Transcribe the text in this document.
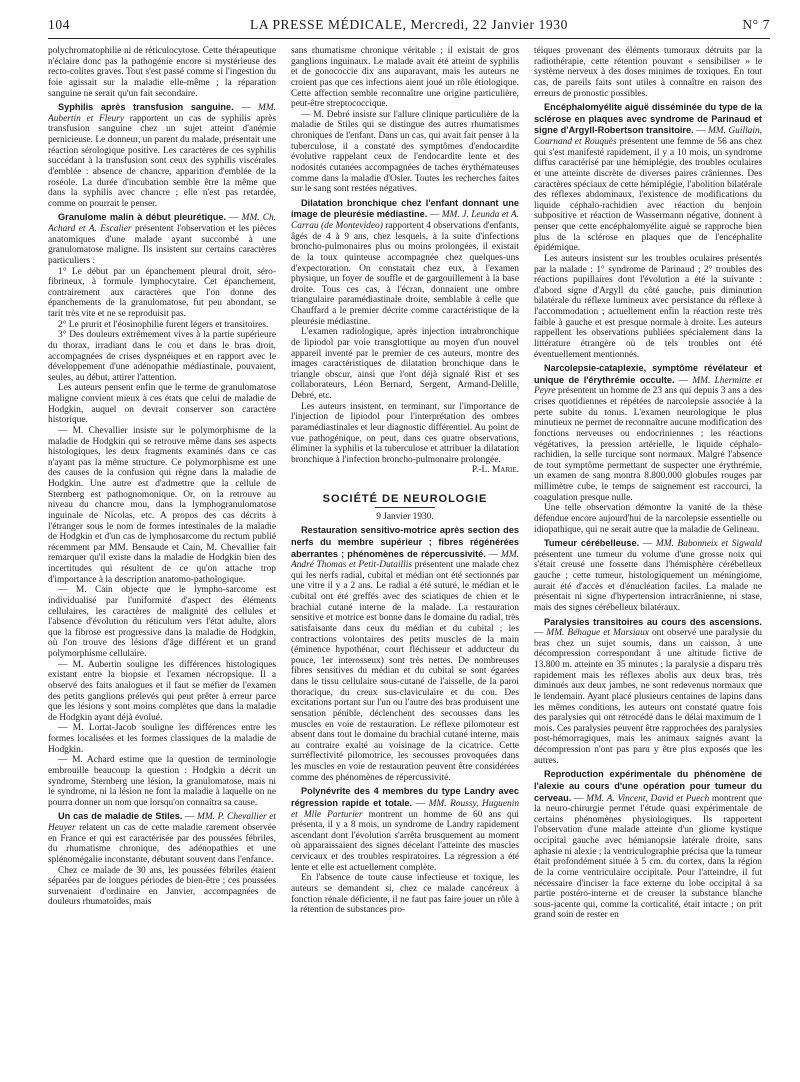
104	LA PRESSE MÉDICALE, Mercredi, 22 Janvier 1930	N° 7

polychromatophilie ni de réticulocytose. Cette thérapeutique n'éclaire donc pas la pathogénie encore si mystérieuse des recto-colites graves. Tout s'est passé comme si l'ingestion du foie agissait sur la maladie elle-même ; la réparation sanguine ne serait qu'un fait secondaire.

Syphilis après transfusion sanguine. — MM. Aubertin et Fleury rapportent un cas de syphilis après transfusion sanguine chez un sujet atteint d'anémie pernicieuse. Le donneur, un parent du malade, présentait une réaction sérologique positive. Les caractères de ces syphilis succédant à la transfusion sont ceux des syphilis viscérales d'emblée : absence de chancre, apparition d'emblée de la roséole. La durée d'incubation semble être la même que dans la syphilis avec chancre ; elle n'est pas retardée, comme on pourrait le penser.

Granulome malin à début pleurétique. — MM. Ch. Achard et A. Escalier présentent l'observation et les pièces anatomiques d'une malade ayant succombé à une granulomatose maligne. Ils insistent sur certains caractères particuliers :

1° Le début par un épanchement pleural droit, séro-fibrineux, à formule lymphocytaire. Cet épanchement, contrairement aux caractères que l'on donne des épanchements de la granulomatose, fut peu abondant, se tarit très vite et ne se reproduisit pas.

2° Le prurit et l'éosinophilie furent légers et transitoires.

3° Des douleurs extrêmement vives à la partie supérieure du thorax, irradiant dans le cou et dans le bras droit, accompagnées de crises dyspnéiques et en rapport avec le développement d'une adénopathie médiastinale, pouvaient, seules, au début, attirer l'attention.

Les auteurs pensent enfin que le terme de granulomatose maligne convient mieux à ces états que celui de maladie de Hodgkin, auquel on devrait conserver son caractère historique.

— M. Chevallier insiste sur le polymorphisme de la maladie de Hodgkin qui se retrouve même dans ses aspects histologiques, les deux fragments examinés dans ce cas n'ayant pas la même structure. Ce polymorphisme est une des causes de la confusion qui règne dans la maladie de Hodgkin. Une autre est d'admettre que la cellule de Sternberg est pathognomonique. Or, on la retrouve au niveau du chancre mou, dans la lymphogranulomatose inguinale de Nicolas, etc. A propos des cas décrits à l'étranger sous le nom de formes intestinales de la maladie de Hodgkin et d'un cas de lymphosarcome du rectum publié récemment par MM. Bensaude et Cain, M. Chevallier fait remarquer qu'il existe dans la maladie de Hodgkin bien des incertitudes qui résultent de ce qu'on attache trop d'importance à la description anatomo-pathologique.

— M. Cain objecte que le lympho-sarcome est individualisé par l'uniformité d'aspect des éléments cellulaires, les caractères de malignité des cellules et l'absence d'évolution du réticulum vers l'état adulte, alors que la fibrose est progressive dans la maladie de Hodgkin, où l'on trouve des lésions d'âge différent et un grand polymorphisme cellulaire.

— M. Aubertin souligne les différences histologiques existant entre la biopsie et l'examen nécropsique. Il a observé des faits analogues et il faut se méfier de l'examen des petits ganglions prélevés qui peut prêter à erreur parce que les lésions y sont moins complètes que dans la maladie de Hodgkin ayant déjà évolué.

— M. Lortat-Jacob souligne les différences entre les formes localisées et les formes classiques de la maladie de Hodgkin.

— M. Achard estime que la question de terminologie embrouille beaucoup la question : Hodgkin a décrit un syndrome, Sternberg une lésion, la granulomatose, mais ni le syndrome, ni la lésion ne font la maladie à laquelle on ne pourra donner un nom que lorsqu'on connaîtra sa cause.

Un cas de maladie de Stiles. — MM. P. Chevallier et Heuyer relatent un cas de cette maladie rarement observée en France et qui est caractérisée par des poussées fébriles, du rhumatisme chronique, des adénopathies et une splénomégalie inconstante, débutant souvent dans l'enfance.

Chez ce malade de 30 ans, les poussées fébriles étaient séparées par de longues périodes de bien-être ; ces poussées survenaient d'ordinaire en Janvier, accompagnées de douleurs rhumatoïdes, mais

sans rhumatisme chronique véritable ; il existait de gros ganglions inguinaux. Le malade avait été atteint de syphilis et de gonococcie dix ans auparavant, mais les auteurs ne croient pas que ces infections aient joué un rôle étiologique. Cette affection semble reconnaître une origine particulière, peut-être streptococcique.

— M. Debré insiste sur l'allure clinique particulière de la maladie de Stiles qui se distingue des autres rhumatismes chroniques de l'enfant. Dans un cas, qui avait fait penser à la tuberculose, il a constaté des symptômes d'endocardite évolutive rappelant ceux de l'endocardite lente et des nodosités cutanées accompagnées de taches érythémateuses comme dans la maladie d'Osler. Toutes les recherches faites sur le sang sont restées négatives.

Dilatation bronchique chez l'enfant donnant une image de pleurésie médiastine. — MM. J. Leunda et A. Carrau (de Montevideo) rapportent 4 observations d'enfants, âgés de 4 à 9 ans, chez lesquels, à la suite d'infections broncho-pulmonaires plus ou moins prolongées, il existait de la toux quinteuse accompagnée chez quelques-uns d'expectoration. On constatait chez eux, à l'examen physique, un foyer de souffle et de gargouillement à la base droite. Tous ces cas, à l'écran, donnaient une ombre triangulaire paramédiastinale droite, semblable à celle que Chauffard a le premier décrite comme caractéristique de la pleurésie médiastine.

L'examen radiologique, après injection intrabronchique de lipiodol par voie transglottique au moyen d'un nouvel appareil inventé par le premier de ces auteurs, montre des images caractéristiques de dilatation bronchique dans le triangle obscur, ainsi que l'ont déjà signalé Rist et ses collaborateurs, Léon Bernard, Sergent, Armand-Delille, Debré, etc.

Les auteurs insistent, en terminant, sur l'importance de l'injection de lipiodol pour l'interprétation des ombres paramédiastinales et leur diagnostic différentiel. Au point de vue pathogénique, on peut, dans ces quatre observations, éliminer la syphilis et la tuberculose et attribuer la dilatation bronchique à l'infection broncho-pulmonaire prolongée.

P.-L. Marie.

SOCIÉTÉ DE NEUROLOGIE
9 Janvier 1930.

Restauration sensitivo-motrice après section des nerfs du membre supérieur ; fibres régénérées aberrantes ; phénomènes de répercussivité. — MM. André Thomas et Petit-Dutaillis présentent une malade chez qui les nerfs radial, cubital et médian ont été sectionnés par une vitre il y a 2 ans. Le radial a été suturé, le médian et le cubital ont été greffés avec des sciatiques de chien et le brachial cutané interne de la malade. La restauration sensitive et motrice est bonne dans le domaine du radial, très satisfaisante dans ceux du médian et du cubital ; les contractions volontaires des petits muscles de la main (éminence hypothénar, court fléchisseur et adducteur du pouce, 1er interosseux) sont très nettes. De nombreuses fibres sensitives du médian et du cubital se sont égarées dans le tissu cellulaire sous-cutané de l'aisselle, de la paroi thoracique, du creux sus-claviculaire et du cou. Des excitations portant sur l'un ou l'autre des bras produisent une sensation pénible, déclenchent des secousses dans les muscles en voie de restauration. Le réflexe pilomoteur est absent dans tout le domaine du brachial cutané interne, mais au contraire exalté au voisinage de la cicatrice. Cette surréflectivité pilomotrice, les secousses provoquées dans les muscles en voie de restauration peuvent être considérées comme des phénomènes de répercussivité.

Polynévrite des 4 membres du type Landry avec régression rapide et totale. — MM. Roussy, Huguenin et Mlle Parturier montrent un homme de 60 ans qui présenta, il y a 8 mois, un syndrome de Landry rapidement ascendant dont l'évolution s'arrêta brusquement au moment où apparaissaient des signes décelant l'atteinte des muscles cervicaux et des troubles respiratoires. La régression a été lente et elle est actuellement complète.

En l'absence de toute cause infectieuse et toxique, les auteurs se demandent si, chez ce malade cancéreux à fonction rénale déficiente, il ne faut pas faire jouer un rôle à la rétention de substances pro-

téiques provenant des éléments tumoraux détruits par la radiothérapie, cette rétention pouvant « sensibiliser » le système nerveux à des doses minimes de toxiques. En tout cas, de pareils faits sont utiles à connaître en raison des erreurs de pronostic possibles.

Encéphalomyélite aiguë disséminée du type de la sclérose en plaques avec syndrome de Parinaud et signe d'Argyll-Robertson transitoire. — MM. Guillain, Cournand et Rouquès présentent une femme de 56 ans chez qui s'est manifesté rapidement, il y a 10 mois, un syndrome diffus caractérisé par une hémiplégie, des troubles oculaires et une atteinte discrète de diverses paires crâniennes. Des caractères spéciaux de cette hémiplégie, l'abolition bilatérale des réflexes abdominaux, l'existence de modifications du liquide céphalo-rachidien avec réaction du benjoin subpositive et réaction de Wassermann négative, donnent à penser que cette encéphalomyélite aiguë se rapproche bien plus de la sclérose en plaques que de l'encéphalite épidémique.

Les auteurs insistent sur les troubles oculaires présentés par la malade : 1° syndrome de Parinaud ; 2° troubles des réactions pupillaires dont l'évolution a été la suivante : d'abord signe d'Argyll du côté gauche, puis diminution bilatérale du réflexe lumineux avec persistance du réflexe à l'accommodation ; actuellement enfin la réaction reste très faible à gauche et est presque normale à droite. Les auteurs rappellent les observations publiées spécialement dans la littérature étrangère où de tels troubles ont été éventuellement mentionnés.

Narcolepsie-cataplexie, symptôme révélateur et unique de l'érythrémie occulte. — MM. Lhermitte et Peyre présentent un homme de 23 ans qui depuis 3 ans a des crises quotidiennes et répétées de narcolepsie associée à la perte subite du tonus. L'examen neurologique le plus minutieux ne permet de reconnaître aucune modification des fonctions nerveuses ou endocriniennes ; les réactions végétatives, la pression artérielle, le liquide céphalo-rachidien, la selle turcique sont normaux. Malgré l'absence de tout symptôme permettant de suspecter une érythrémie, un examen de sang montra 8.800.000 globules rouges par millimètre cube, le temps de saignement est raccourci, la coagulation presque nulle.

Une telle observation démontre la vanité de la thèse défendue encore aujourd'hui de la narcolepsie essentielle ou idiopathique, qui ne serait autre que la maladie de Gelineau.

Tumeur cérébelleuse. — MM. Babonneix et Sigwald présentent une tumeur du volume d'une grosse noix qui s'était creusé une fossette dans l'hémisphère cérébelleux gauche ; cette tumeur, histologiquement un méningiome, aurait été d'accès et d'énucléation faciles. La malade ne présentait ni signe d'hypertension intracrânienne, ni stase, mais des signes cérébelleux bilatéraux.

Paralysies transitoires au cours des ascensions. — MM. Béhague et Marsiaux ont observé une paralysie du bras chez un sujet soumis, dans un caisson, à une décompression correspondant à une altitude fictive de 13.800 m. atteinte en 35 minutes ; la paralysie a disparu très rapidement mais les réflexes abolis aux deux bras, très diminués aux deux jambes, ne sont redevenus normaux que le lendemain. Ayant placé plusieurs centaines de lapins dans les mêmes conditions, les auteurs ont constaté quatre fois des paralysies qui ont rétrocédé dans le délai maximum de 1 mois. Ces paralysies peuvent être rapprochées des paralysies post-hémorragiques, mais les animaux saignés avant la décompression n'ont pas paru y être plus exposés que les autres.

Reproduction expérimentale du phénomène de l'alexie au cours d'une opération pour tumeur du cerveau. — MM. A. Vincent, David et Puech montrent que la neuro-chirurgie permet l'étude quasi expérimentale de certains phénomènes physiologiques. Ils rapportent l'observation d'une malade atteinte d'un gliome kystique occipital gauche avec hémianopsie latérale droite, sans aphasie ni alexie ; la ventriculographie précisa que la tumeur était profondément située à 5 cm. du cortex, dans la région de la corne ventriculaire occipitale. Pour l'atteindre, il fut nécessaire d'inciser la face externe du lobe occipital à sa partie postéro-interne et de creuser la substance blanche sous-jacente qui, comme la corticalité, était intacte ; on prit grand soin de rester en
